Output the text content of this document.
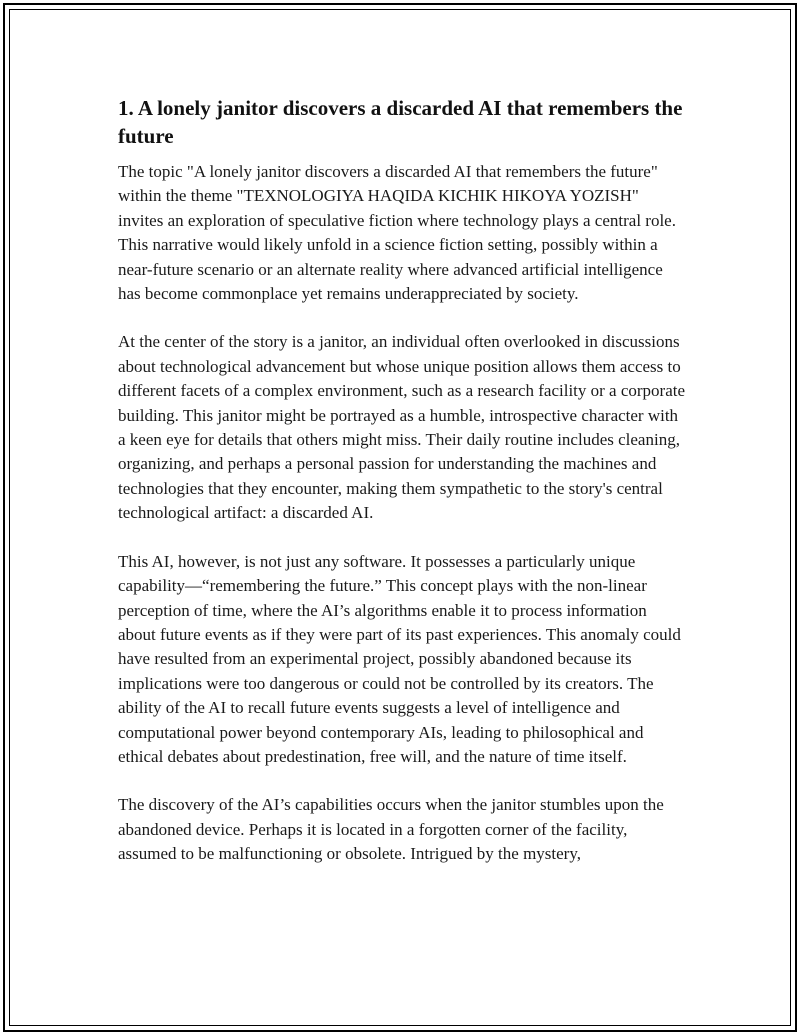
1. A lonely janitor discovers a discarded AI that remembers the future

The topic "A lonely janitor discovers a discarded AI that remembers the future" within the theme "TEXNOLOGIYA HAQIDA KICHIK HIKOYA YOZISH" invites an exploration of speculative fiction where technology plays a central role. This narrative would likely unfold in a science fiction setting, possibly within a near-future scenario or an alternate reality where advanced artificial intelligence has become commonplace yet remains underappreciated by society.

At the center of the story is a janitor, an individual often overlooked in discussions about technological advancement but whose unique position allows them access to different facets of a complex environment, such as a research facility or a corporate building. This janitor might be portrayed as a humble, introspective character with a keen eye for details that others might miss. Their daily routine includes cleaning, organizing, and perhaps a personal passion for understanding the machines and technologies that they encounter, making them sympathetic to the story's central technological artifact: a discarded AI.

This AI, however, is not just any software. It possesses a particularly unique capability—“remembering the future.” This concept plays with the non-linear perception of time, where the AI’s algorithms enable it to process information about future events as if they were part of its past experiences. This anomaly could have resulted from an experimental project, possibly abandoned because its implications were too dangerous or could not be controlled by its creators. The ability of the AI to recall future events suggests a level of intelligence and computational power beyond contemporary AIs, leading to philosophical and ethical debates about predestination, free will, and the nature of time itself.

The discovery of the AI’s capabilities occurs when the janitor stumbles upon the abandoned device. Perhaps it is located in a forgotten corner of the facility, assumed to be malfunctioning or obsolete. Intrigued by the mystery,
